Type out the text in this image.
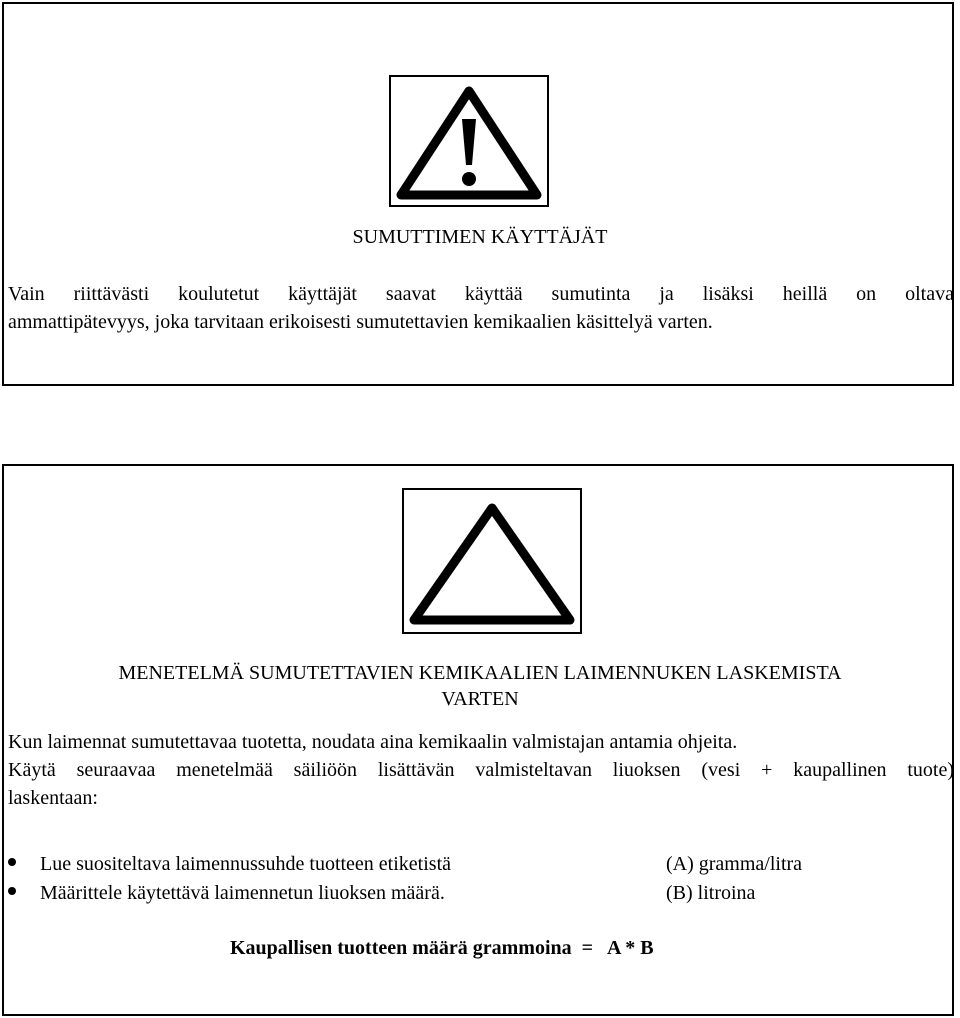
SUMUTTIMEN KÄYTTÄJÄT
Vain riittävästi koulutetut käyttäjät saavat käyttää sumutinta ja lisäksi heillä on oltava
ammattipätevyys, joka tarvitaan erikoisesti sumutettavien kemikaalien käsittelyä varten.
MENETELMÄ SUMUTETTAVIEN KEMIKAALIEN LAIMENNUKEN LASKEMISTA
VARTEN
Kun laimennat sumutettavaa tuotetta, noudata aina kemikaalin valmistajan antamia ohjeita.
Käytä seuraavaa menetelmää säiliöön lisättävän valmisteltavan liuoksen (vesi + kaupallinen tuote)
laskentaan:
Lue suositeltava laimennussuhde tuotteen etiketistä	(A) gramma/litra
Määrittele käytettävä laimennetun liuoksen määrä.	(B) litroina
Kaupallisen tuotteen määrä grammoina  =   A * B
